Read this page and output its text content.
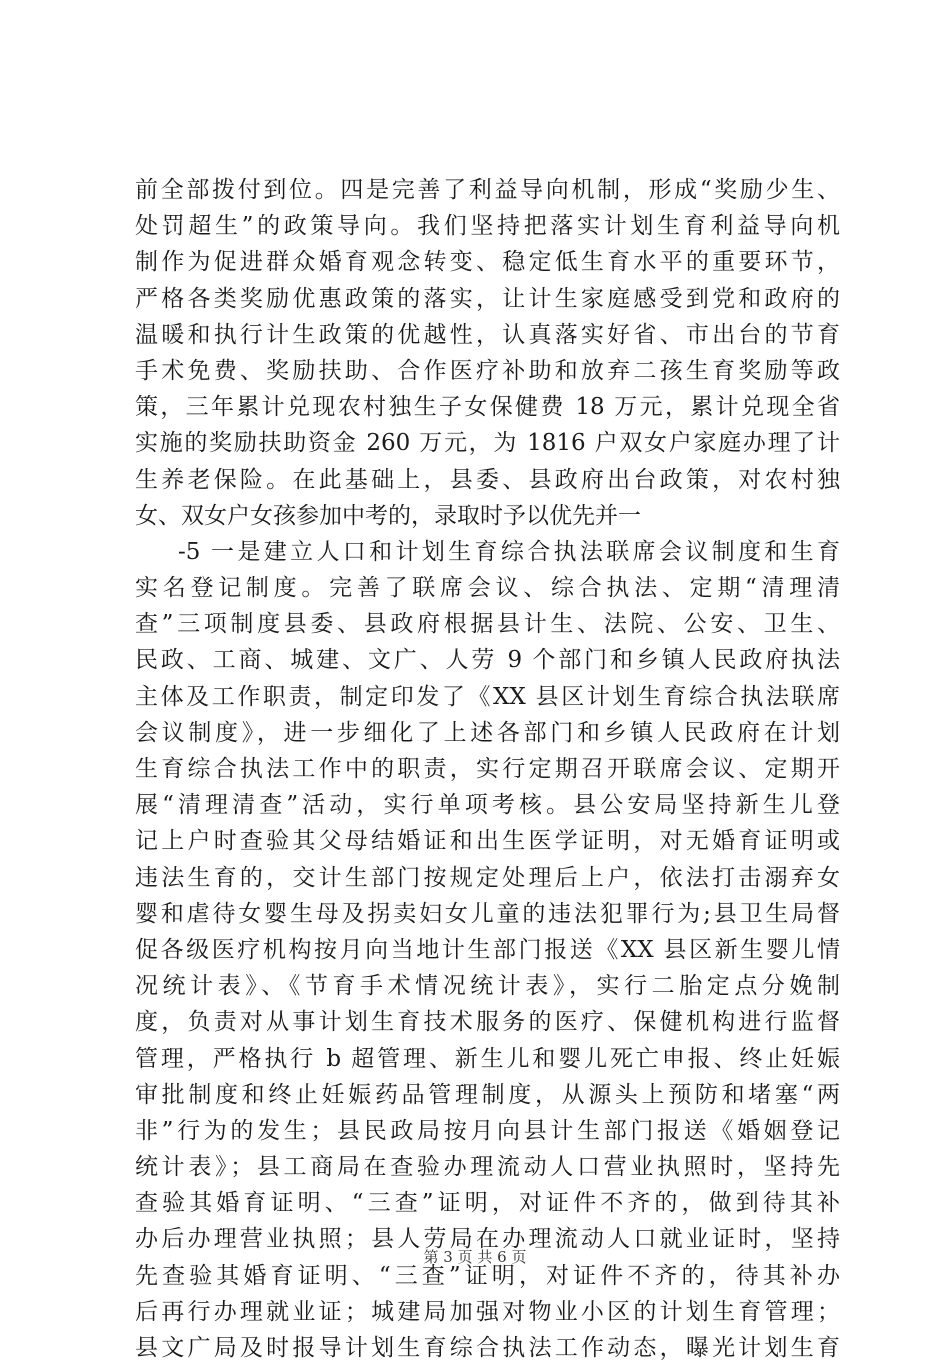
前全部拨付到位。四是完善了利益导向机制，形成“奖励少生、
处罚超生”的政策导向。我们坚持把落实计划生育利益导向机
制作为促进群众婚育观念转变、稳定低生育水平的重要环节，
严格各类奖励优惠政策的落实，让计生家庭感受到党和政府的
温暖和执行计生政策的优越性，认真落实好省、市出台的节育
手术免费、奖励扶助、合作医疗补助和放弃二孩生育奖励等政
策，三年累计兑现农村独生子女保健费 18 万元，累计兑现全省
实施的奖励扶助资金 260 万元，为 1816 户双女户家庭办理了计
生养老保险。在此基础上，县委、县政府出台政策，对农村独
女、双女户女孩参加中考的，录取时予以优先并一
-5 一是建立人口和计划生育综合执法联席会议制度和生育
实名登记制度。完善了联席会议、综合执法、定期“清理清
查”三项制度县委、县政府根据县计生、法院、公安、卫生、
民政、工商、城建、文广、人劳 9 个部门和乡镇人民政府执法
主体及工作职责，制定印发了《XX 县区计划生育综合执法联席
会议制度》，进一步细化了上述各部门和乡镇人民政府在计划
生育综合执法工作中的职责，实行定期召开联席会议、定期开
展“清理清查”活动，实行单项考核。县公安局坚持新生儿登
记上户时查验其父母结婚证和出生医学证明，对无婚育证明或
违法生育的，交计生部门按规定处理后上户，依法打击溺弃女
婴和虐待女婴生母及拐卖妇女儿童的违法犯罪行为;县卫生局督
促各级医疗机构按月向当地计生部门报送《XX 县区新生婴儿情
况统计表》、《节育手术情况统计表》，实行二胎定点分娩制
度，负责对从事计划生育技术服务的医疗、保健机构进行监督
管理，严格执行 b 超管理、新生儿和婴儿死亡申报、终止妊娠
审批制度和终止妊娠药品管理制度，从源头上预防和堵塞“两
非”行为的发生；县民政局按月向县计生部门报送《婚姻登记
统计表》；县工商局在查验办理流动人口营业执照时，坚持先
查验其婚育证明、“三查”证明，对证件不齐的，做到待其补
办后办理营业执照；县人劳局在办理流动人口就业证时，坚持
先查验其婚育证明、“三查”证明，对证件不齐的，待其补办
后再行办理就业证；城建局加强对物业小区的计划生育管理；
县文广局及时报导计划生育综合执法工作动态，曝光计划生育
第 3 页 共 6 页
